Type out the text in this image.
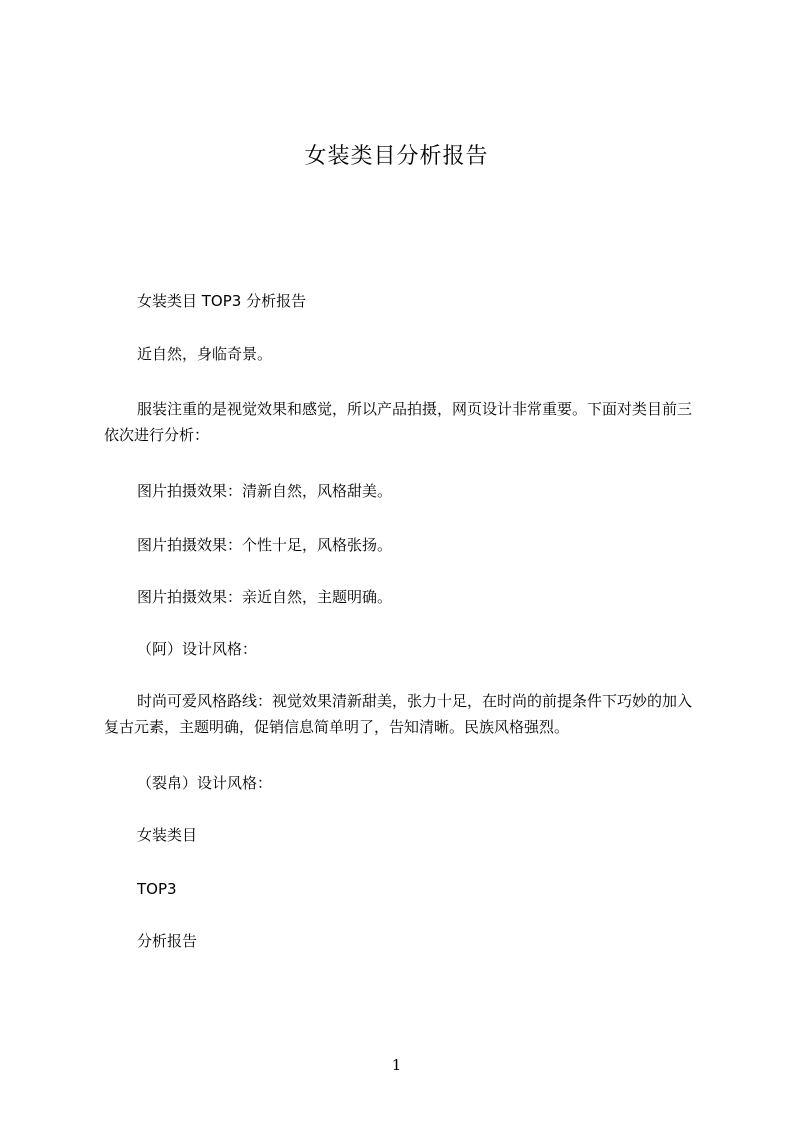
女装类目分析报告
女装类目 TOP3 分析报告
近自然，身临奇景。
服装注重的是视觉效果和感觉，所以产品拍摄，网页设计非常重要。下面对类目前三依次进行分析：
图片拍摄效果：清新自然，风格甜美。
图片拍摄效果：个性十足，风格张扬。
图片拍摄效果：亲近自然，主题明确。
（阿）设计风格：
时尚可爱风格路线：视觉效果清新甜美，张力十足，在时尚的前提条件下巧妙的加入复古元素，主题明确，促销信息简单明了，告知清晰。民族风格强烈。
（裂帛）设计风格：
女装类目
TOP3
分析报告
1
